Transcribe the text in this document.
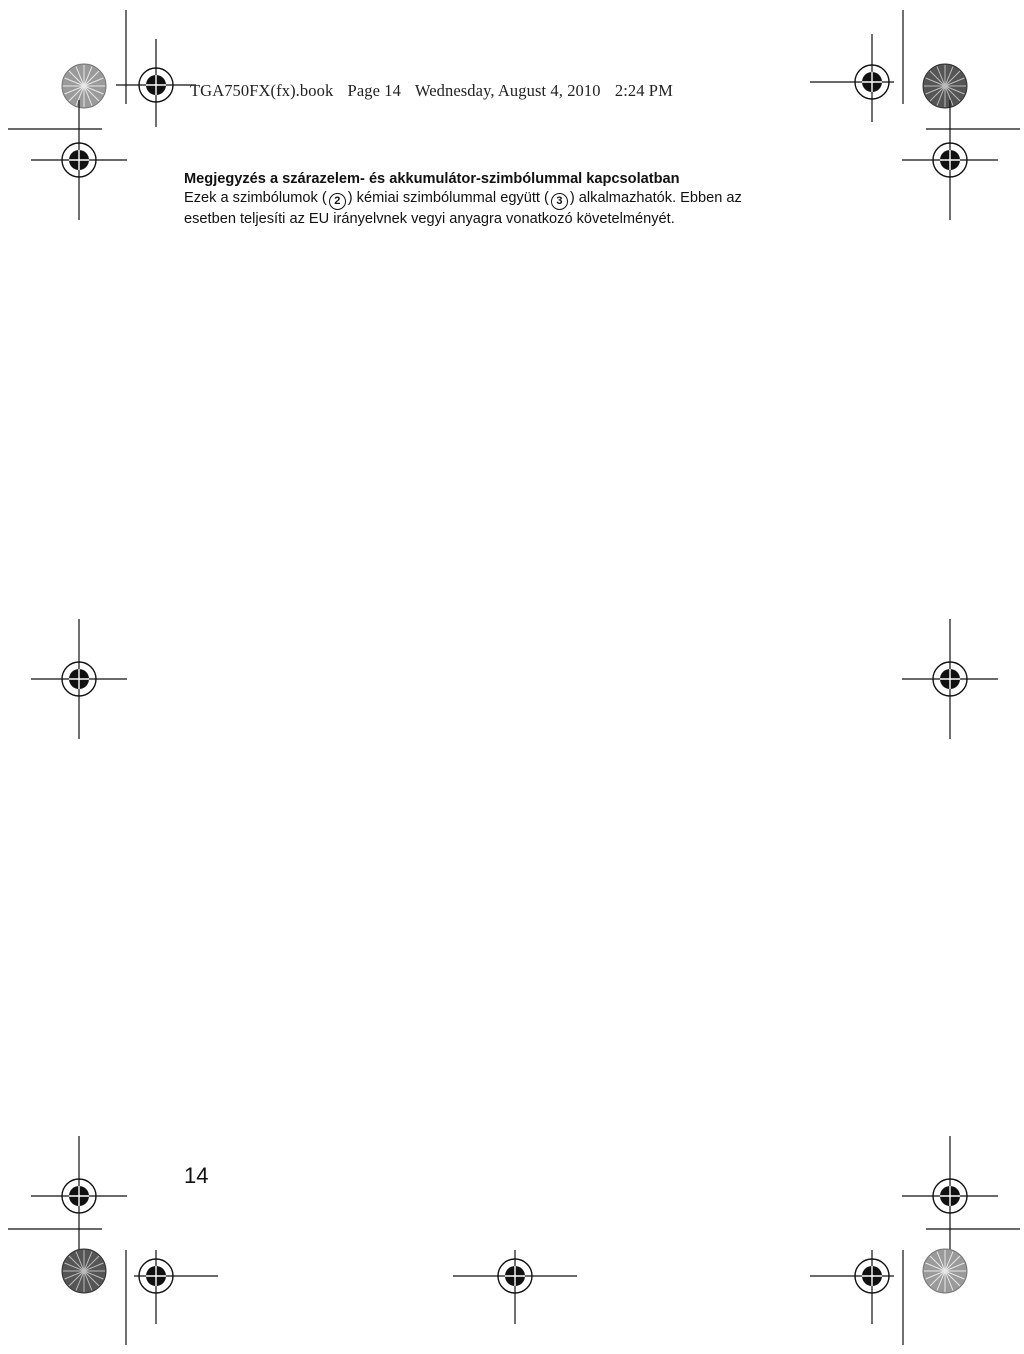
TGA750FX(fx).book Page 14 Wednesday, August 4, 2010 2:24 PM

Megjegyzés a szárazelem- és akkumulátor-szimbólummal kapcsolatban

Ezek a szimbólumok ( 2 ) kémiai szimbólummal együtt ( 3 ) alkalmazhatók. Ebben az
esetben teljesíti az EU irányelvnek vegyi anyagra vonatkozó követelményét.

14
